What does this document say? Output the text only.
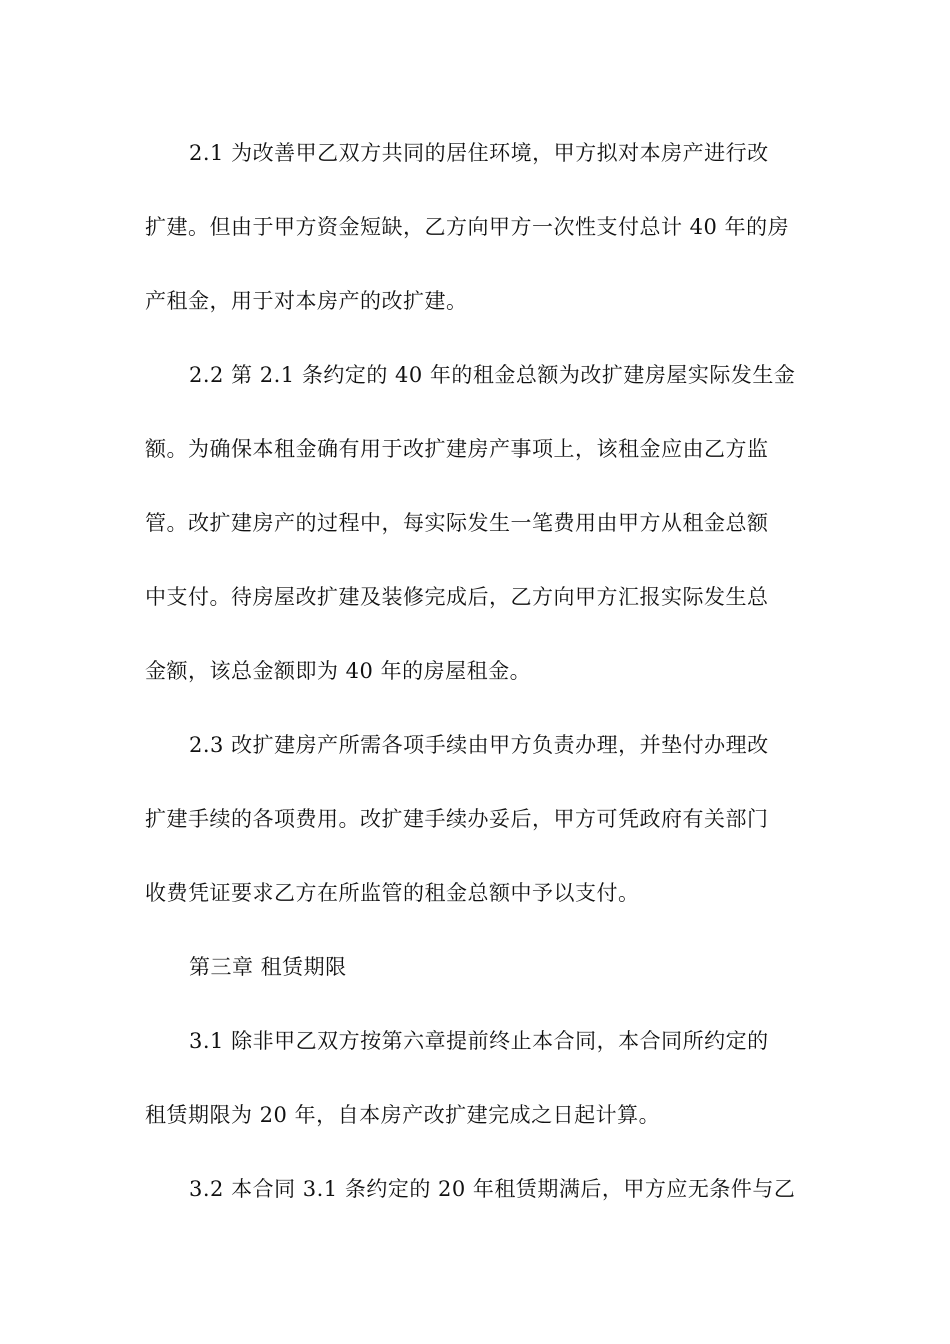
2.1 为改善甲乙双方共同的居住环境，甲方拟对本房产进行改
扩建。但由于甲方资金短缺，乙方向甲方一次性支付总计 40 年的房
产租金，用于对本房产的改扩建。
2.2 第 2.1 条约定的 40 年的租金总额为改扩建房屋实际发生金
额。为确保本租金确有用于改扩建房产事项上，该租金应由乙方监
管。改扩建房产的过程中，每实际发生一笔费用由甲方从租金总额
中支付。待房屋改扩建及装修完成后，乙方向甲方汇报实际发生总
金额，该总金额即为 40 年的房屋租金。
2.3 改扩建房产所需各项手续由甲方负责办理，并垫付办理改
扩建手续的各项费用。改扩建手续办妥后，甲方可凭政府有关部门
收费凭证要求乙方在所监管的租金总额中予以支付。
第三章 租赁期限
3.1 除非甲乙双方按第六章提前终止本合同，本合同所约定的
租赁期限为 20 年，自本房产改扩建完成之日起计算。
3.2 本合同 3.1 条约定的 20 年租赁期满后，甲方应无条件与乙
